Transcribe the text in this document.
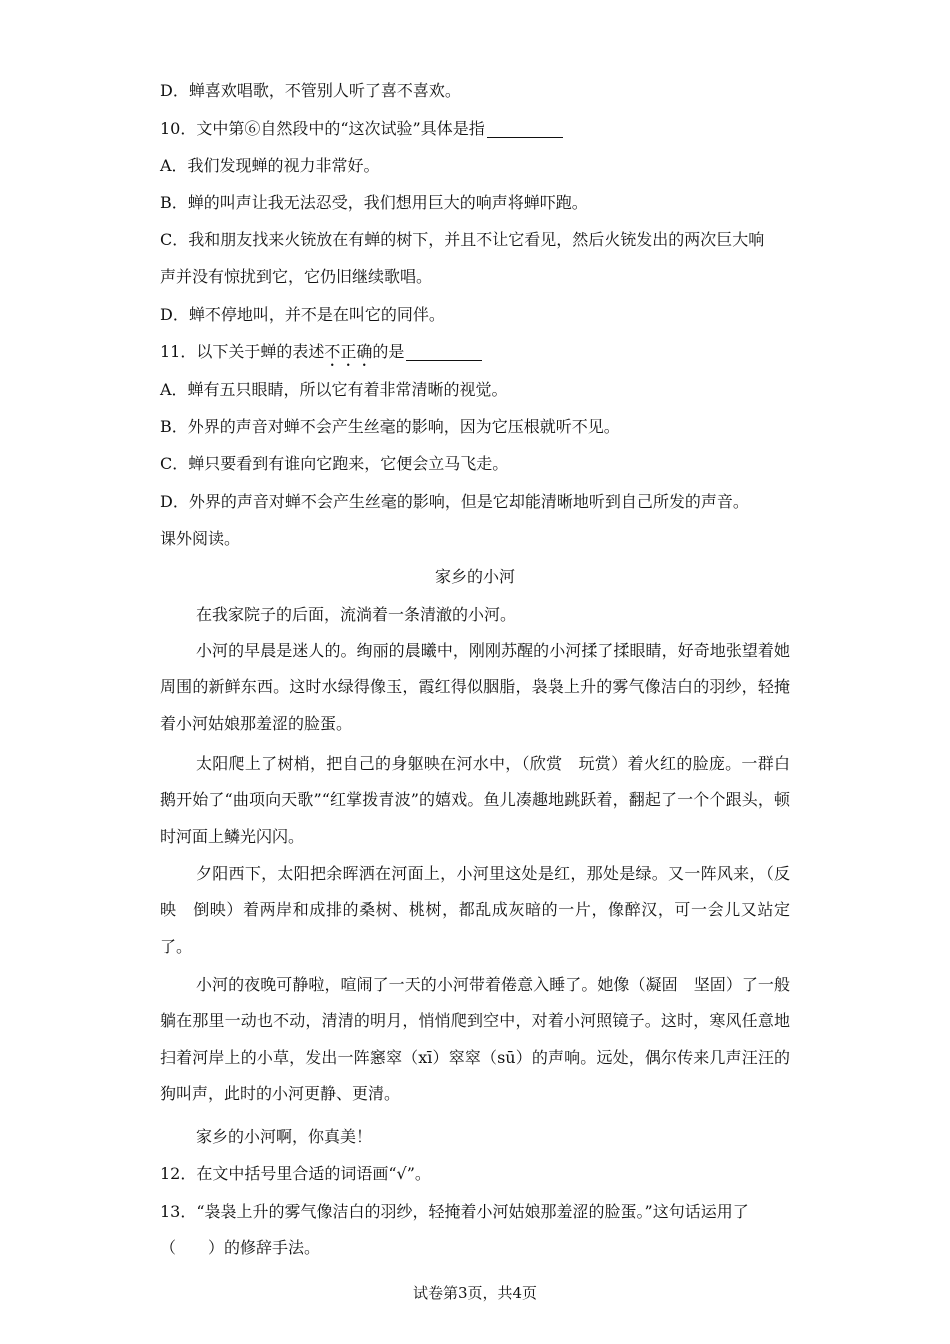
D．蝉喜欢唱歌，不管别人听了喜不喜欢。
10．文中第⑥自然段中的“这次试验”具体是指
A．我们发现蝉的视力非常好。
B．蝉的叫声让我无法忍受，我们想用巨大的响声将蝉吓跑。
C．我和朋友找来火铳放在有蝉的树下，并且不让它看见，然后火铳发出的两次巨大响
声并没有惊扰到它，它仍旧继续歌唱。
D．蝉不停地叫，并不是在叫它的同伴。
11．以下关于蝉的表述不正确的是
A．蝉有五只眼睛，所以它有着非常清晰的视觉。
B．外界的声音对蝉不会产生丝毫的影响，因为它压根就听不见。
C．蝉只要看到有谁向它跑来，它便会立马飞走。
D．外界的声音对蝉不会产生丝毫的影响，但是它却能清晰地听到自己所发的声音。
课外阅读。
家乡的小河
在我家院子的后面，流淌着一条清澈的小河。
小河的早晨是迷人的。绚丽的晨曦中，刚刚苏醒的小河揉了揉眼睛，好奇地张望着她周围的新鲜东西。这时水绿得像玉，霞红得似胭脂，袅袅上升的雾气像洁白的羽纱，轻掩着小河姑娘那羞涩的脸蛋。
太阳爬上了树梢，把自己的身躯映在河水中，（欣赏　玩赏）着火红的脸庞。一群白鹅开始了“曲项向天歌”“红掌拨青波”的嬉戏。鱼儿凑趣地跳跃着，翻起了一个个跟头，顿时河面上鳞光闪闪。
夕阳西下，太阳把余晖洒在河面上，小河里这处是红，那处是绿。又一阵风来，（反映　倒映）着两岸和成排的桑树、桃树，都乱成灰暗的一片，像醉汉，可一会儿又站定了。
小河的夜晚可静啦，喧闹了一天的小河带着倦意入睡了。她像（凝固　坚固）了一般躺在那里一动也不动，清清的明月，悄悄爬到空中，对着小河照镜子。这时，寒风任意地扫着河岸上的小草，发出一阵窸窣（xī）窣窣（sū）的声响。远处，偶尔传来几声汪汪的狗叫声，此时的小河更静、更清。
家乡的小河啊，你真美！
12．在文中括号里合适的词语画“√”。
13．“袅袅上升的雾气像洁白的羽纱，轻掩着小河姑娘那羞涩的脸蛋。”这句话运用了
（　　）的修辞手法。
试卷第3页，共4页
